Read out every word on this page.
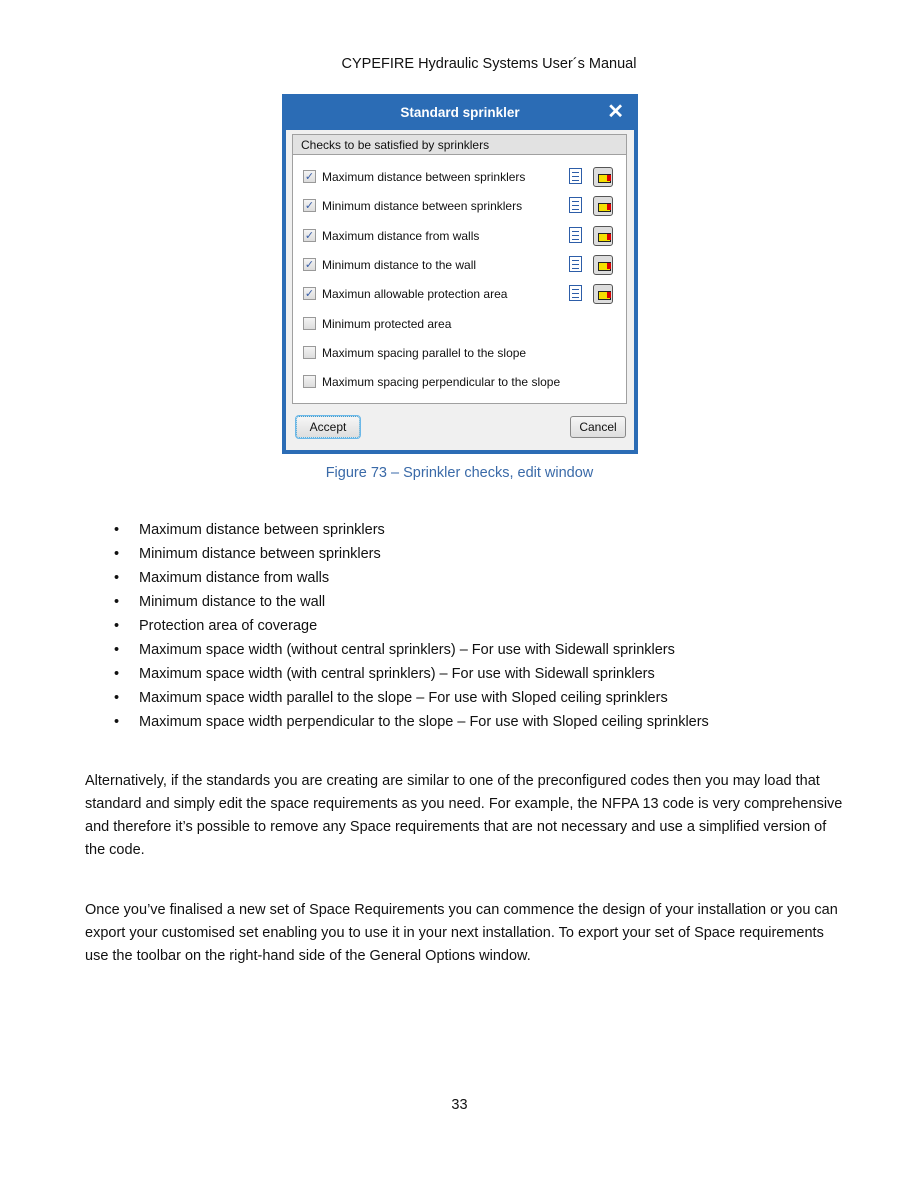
CYPEFIRE Hydraulic Systems User´s Manual
Standard sprinkler	✕
Checks to be satisfied by sprinklers
✓ Maximum distance between sprinklers
✓ Minimum distance between sprinklers
✓ Maximum distance from walls
✓ Minimum distance to the wall
✓ Maximun allowable protection area
Minimum protected area
Maximum spacing parallel to the slope
Maximum spacing perpendicular to the slope
Accept	Cancel
Figure 73 – Sprinkler checks, edit window
• Maximum distance between sprinklers
• Minimum distance between sprinklers
• Maximum distance from walls
• Minimum distance to the wall
• Protection area of coverage
• Maximum space width (without central sprinklers) – For use with Sidewall sprinklers
• Maximum space width (with central sprinklers) – For use with Sidewall sprinklers
• Maximum space width parallel to the slope – For use with Sloped ceiling sprinklers
• Maximum space width perpendicular to the slope – For use with Sloped ceiling sprinklers
Alternatively, if the standards you are creating are similar to one of the preconfigured codes then you may load that standard and simply edit the space requirements as you need. For example, the NFPA 13 code is very comprehensive and therefore it’s possible to remove any Space requirements that are not necessary and use a simplified version of the code.
Once you’ve finalised a new set of Space Requirements you can commence the design of your installation or you can export your customised set enabling you to use it in your next installation. To export your set of Space requirements use the toolbar on the right-hand side of the General Options window.
33
